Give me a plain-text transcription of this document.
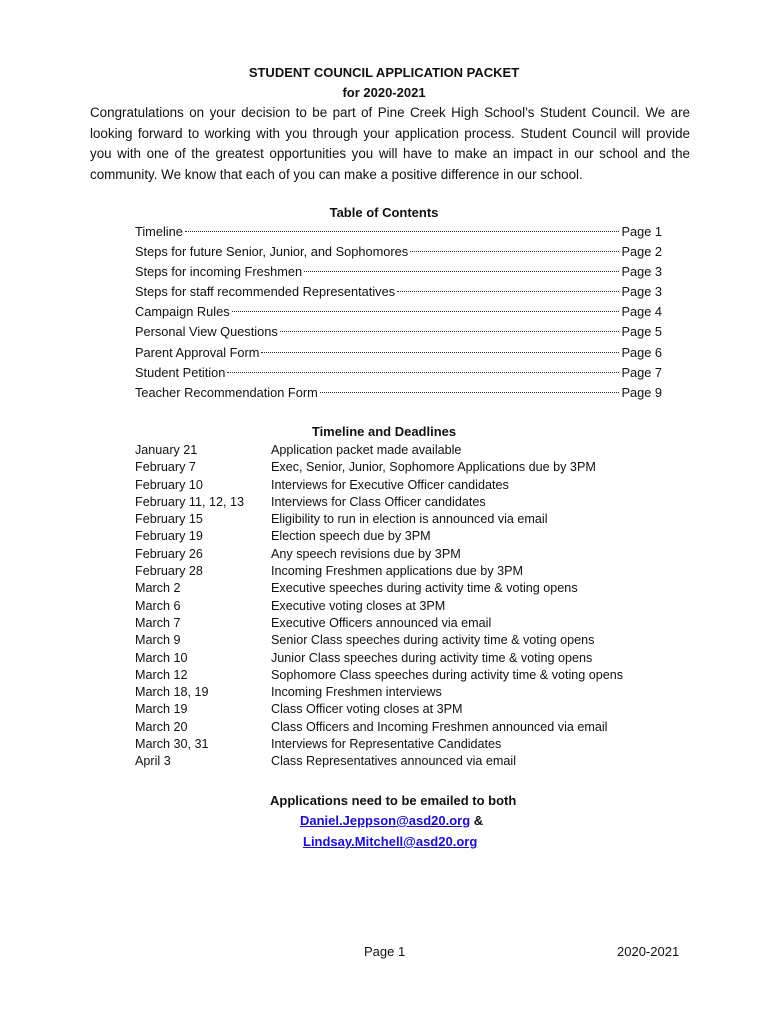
STUDENT COUNCIL APPLICATION PACKET
for 2020-2021
Congratulations on your decision to be part of Pine Creek High School’s Student Council. We are looking forward to working with you through your application process. Student Council will provide you with one of the greatest opportunities you will have to make an impact in our school and the community. We know that each of you can make a positive difference in our school.
Table of Contents
Timeline	Page 1
Steps for future Senior, Junior, and Sophomores	Page 2
Steps for incoming Freshmen	Page 3
Steps for staff recommended Representatives	Page 3
Campaign Rules	Page 4
Personal View Questions	Page 5
Parent Approval Form	Page 6
Student Petition	Page 7
Teacher Recommendation Form	Page 9
Timeline and Deadlines
January 21	Application packet made available
February 7	Exec, Senior, Junior, Sophomore Applications due by 3PM
February 10	Interviews for Executive Officer candidates
February 11, 12, 13	Interviews for Class Officer candidates
February 15	Eligibility to run in election is announced via email
February 19	Election speech due by 3PM
February 26	Any speech revisions due by 3PM
February 28	Incoming Freshmen applications due by 3PM
March 2	Executive speeches during activity time & voting opens
March 6	Executive voting closes at 3PM
March 7	Executive Officers announced via email
March 9	Senior Class speeches during activity time & voting opens
March 10	Junior Class speeches during activity time & voting opens
March 12	Sophomore Class speeches during activity time & voting opens
March 18, 19	Incoming Freshmen interviews
March 19	Class Officer voting closes at 3PM
March 20	Class Officers and Incoming Freshmen announced via email
March 30, 31	Interviews for Representative Candidates
April 3	Class Representatives announced via email
Applications need to be emailed to both
Daniel.Jeppson@asd20.org &
Lindsay.Mitchell@asd20.org
Page 1	2020-2021
